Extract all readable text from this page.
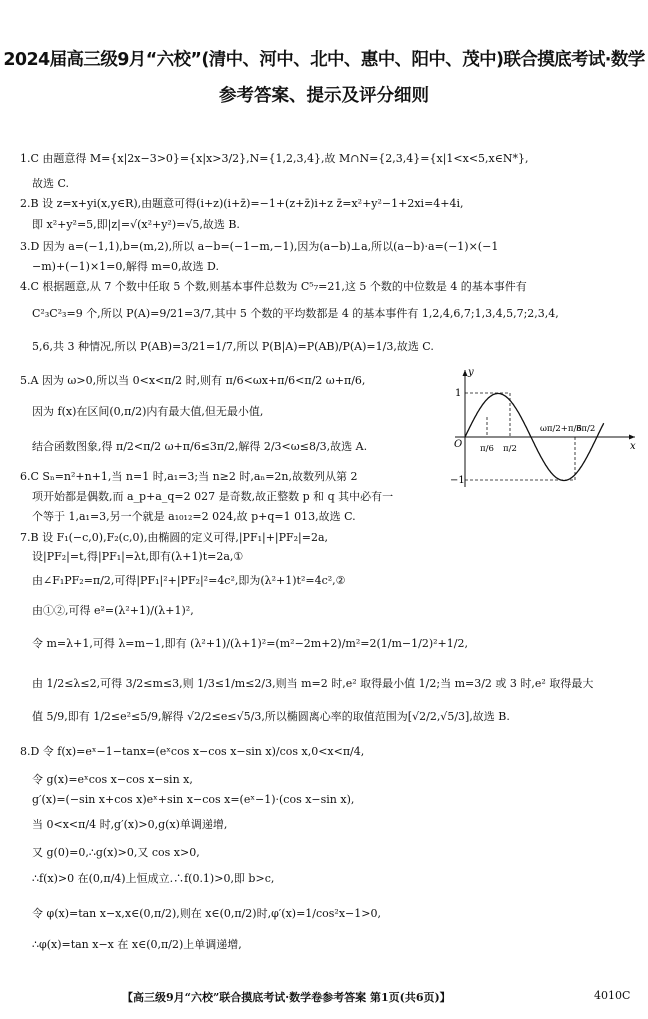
2024届高三级9月“六校”(清中、河中、北中、惠中、阳中、茂中)联合摸底考试·数学
参考答案、提示及评分细则
1.C 由题意得 M={x|2x−3>0}={x|x>3/2},N={1,2,3,4},故 M∩N={2,3,4}={x|1<x<5,x∈N*},
故选 C.
2.B 设 z=x+yi(x,y∈R),由题意可得(i+z)(i+z̄)=−1+(z+z̄)i+z z̄=x²+y²−1+2xi=4+4i,
即 x²+y²=5,即|z|=√(x²+y²)=√5,故选 B.
3.D 因为 a=(−1,1),b=(m,2),所以 a−b=(−1−m,−1),因为(a−b)⊥a,所以(a−b)·a=(−1)×(−1
−m)+(−1)×1=0,解得 m=0,故选 D.
4.C 根据题意,从 7 个数中任取 5 个数,则基本事件总数为 C⁵₇=21,这 5 个数的中位数是 4 的基本事件有
C²₃C²₃=9 个,所以 P(A)=9/21=3/7,其中 5 个数的平均数都是 4 的基本事件有 1,2,4,6,7;1,3,4,5,7;2,3,4,
5,6,共 3 种情况,所以 P(AB)=3/21=1/7,所以 P(B|A)=P(AB)/P(A)=1/3,故选 C.
5.A 因为 ω>0,所以当 0<x<π/2 时,则有 π/6<ωx+π/6<π/2 ω+π/6,
因为 f(x)在区间(0,π/2)内有最大值,但无最小值,
结合函数图象,得 π/2<π/2 ω+π/6≤3π/2,解得 2/3<ω≤8/3,故选 A.
6.C Sₙ=n²+n+1,当 n=1 时,a₁=3;当 n≥2 时,aₙ=2n,故数列从第 2
项开始都是偶数,而 a_p+a_q=2 027 是奇数,故正整数 p 和 q 其中必有一
个等于 1,a₁=3,另一个就是 a₁₀₁₂=2 024,故 p+q=1 013,故选 C.
7.B 设 F₁(−c,0),F₂(c,0),由椭圆的定义可得,|PF₁|+|PF₂|=2a,
设|PF₂|=t,得|PF₁|=λt,即有(λ+1)t=2a,①
由∠F₁PF₂=π/2,可得|PF₁|²+|PF₂|²=4c²,即为(λ²+1)t²=4c²,②
由①②,可得 e²=(λ²+1)/(λ+1)²,
令 m=λ+1,可得 λ=m−1,即有 (λ²+1)/(λ+1)²=(m²−2m+2)/m²=2(1/m−1/2)²+1/2,
由 1/2≤λ≤2,可得 3/2≤m≤3,则 1/3≤1/m≤2/3,则当 m=2 时,e² 取得最小值 1/2;当 m=3/2 或 3 时,e² 取得最大
值 5/9,即有 1/2≤e²≤5/9,解得 √2/2≤e≤√5/3,所以椭圆离心率的取值范围为[√2/2,√5/3],故选 B.
8.D 令 f(x)=eˣ−1−tanx=(eˣcos x−cos x−sin x)/cos x,0<x<π/4,
令 g(x)=eˣcos x−cos x−sin x,
g′(x)=(−sin x+cos x)eˣ+sin x−cos x=(eˣ−1)·(cos x−sin x),
当 0<x<π/4 时,g′(x)>0,g(x)单调递增,
又 g(0)=0,∴g(x)>0,又 cos x>0,
∴f(x)>0 在(0,π/4)上恒成立.∴f(0.1)>0,即 b>c,
令 φ(x)=tan x−x,x∈(0,π/2),则在 x∈(0,π/2)时,φ′(x)=1/cos²x−1>0,
∴φ(x)=tan x−x 在 x∈(0,π/2)上单调递增,
y
x
O
1
−1
π/6 π/2
ωπ/2+π/6
3π/2
【高三级9月“六校”联合摸底考试·数学卷参考答案 第1页(共6页)】	4010C
